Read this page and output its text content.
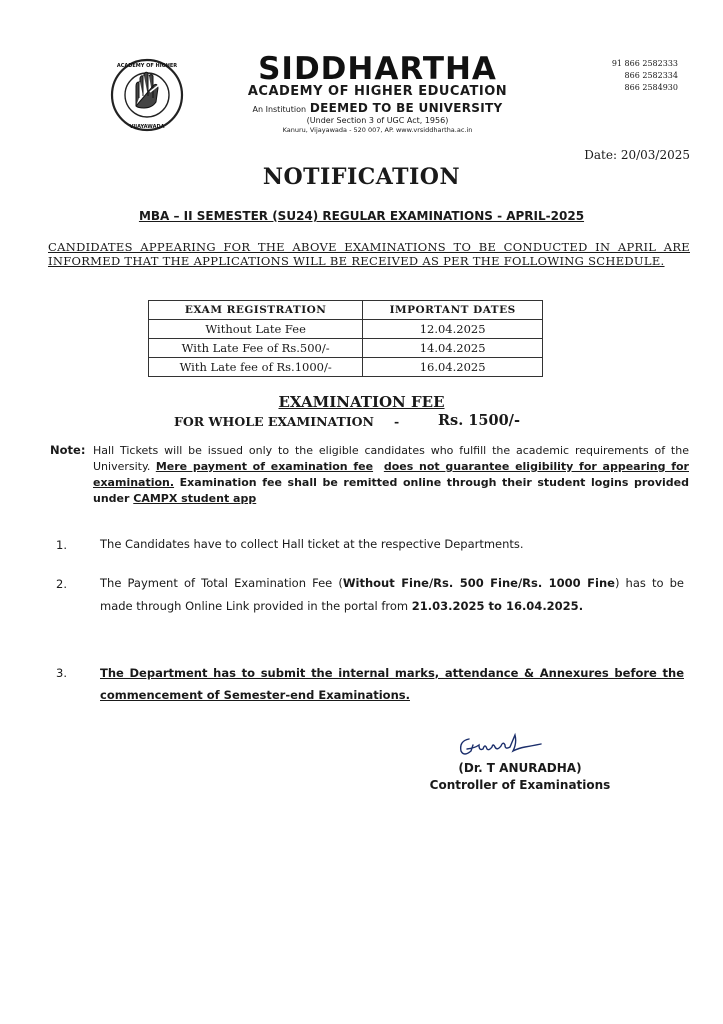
ACADEMY OF HIGHER
VIJAYAWADA
SIDDHARTHA
ACADEMY OF HIGHER EDUCATION
An Institution DEEMED TO BE UNIVERSITY
(Under Section 3 of UGC Act, 1956)
Kanuru, Vijayawada - 520 007, AP. www.vrsiddhartha.ac.in
91 866 2582333
866 2582334
866 2584930
Date: 20/03/2025
NOTIFICATION
MBA – II SEMESTER (SU24) REGULAR EXAMINATIONS - APRIL-2025
CANDIDATES APPEARING FOR THE ABOVE EXAMINATIONS TO BE CONDUCTED IN APRIL ARE INFORMED THAT THE APPLICATIONS WILL BE RECEIVED AS PER THE FOLLOWING SCHEDULE.
EXAM REGISTRATION	IMPORTANT DATES
Without Late Fee	12.04.2025
With Late Fee of Rs.500/-	14.04.2025
With Late fee of Rs.1000/-	16.04.2025
EXAMINATION FEE
FOR WHOLE EXAMINATION -	Rs. 1500/-
Note: Hall Tickets will be issued only to the eligible candidates who fulfill the academic requirements of the University. Mere payment of examination fee does not guarantee eligibility for appearing for examination. Examination fee shall be remitted online through their student logins provided under CAMPX student app
1.	The Candidates have to collect Hall ticket at the respective Departments.
2.	The Payment of Total Examination Fee (Without Fine/Rs. 500 Fine/Rs. 1000 Fine) has to be made through Online Link provided in the portal from 21.03.2025 to 16.04.2025.
3.	The Department has to submit the internal marks, attendance & Annexures before the commencement of Semester-end Examinations.
(Dr. T ANURADHA)
Controller of Examinations
